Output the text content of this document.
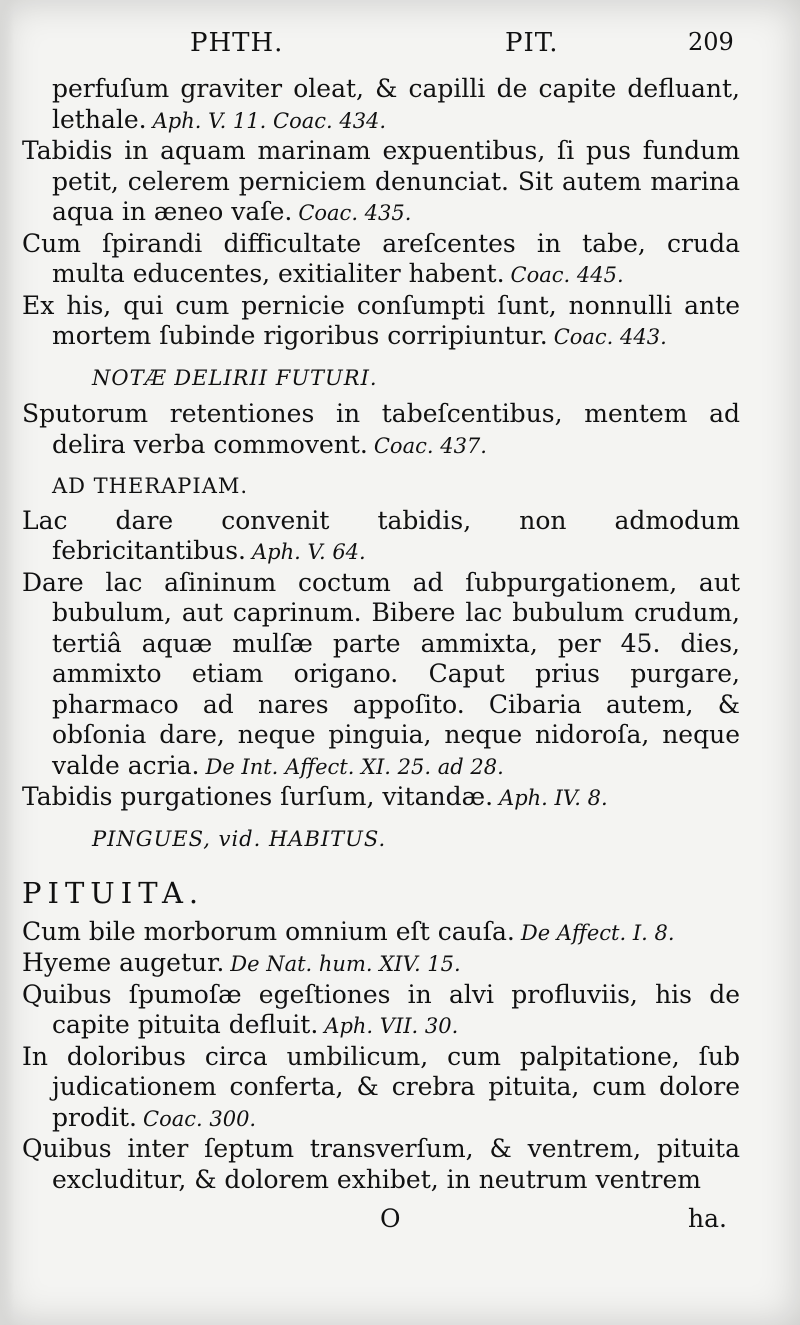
PHTH.	PIT.	209

perfuſum graviter oleat, & capilli de capite defluant, lethale. Aph. V. 11. Coac. 434.

Tabidis in aquam marinam expuentibus, ſi pus fundum petit, celerem perniciem denunciat. Sit autem marina aqua in æneo vaſe. Coac. 435.

Cum ſpirandi difficultate areſcentes in tabe, cruda multa educentes, exitialiter habent. Coac. 445.

Ex his, qui cum pernicie conſumpti ſunt, nonnulli ante mortem ſubinde rigoribus corripiuntur. Coac. 443.

NOTÆ DELIRII FUTURI.

Sputorum retentiones in tabeſcentibus, mentem ad delira verba commovent. Coac. 437.

AD THERAPIAM.

Lac dare convenit tabidis, non admodum febricitantibus. Aph. V. 64.

Dare lac aſininum coctum ad ſubpurgationem, aut bubulum, aut caprinum. Bibere lac bubulum crudum, tertiâ aquæ mulſæ parte ammixta, per 45. dies, ammixto etiam origano. Caput prius purgare, pharmaco ad nares appoſito. Cibaria autem, & obſonia dare, neque pinguia, neque nidoroſa, neque valde acria. De Int. Affect. XI. 25. ad 28.

Tabidis purgationes ſurſum, vitandæ. Aph. IV. 8.

PINGUES, vid. HABITUS.
PITUITA.

Cum bile morborum omnium eſt cauſa. De Affect. I. 8.

Hyeme augetur. De Nat. hum. XIV. 15.

Quibus ſpumoſæ egeſtiones in alvi profluviis, his de capite pituita defluit. Aph. VII. 30.

In doloribus circa umbilicum, cum palpitatione, ſub judicationem conferta, & crebra pituita, cum dolore prodit. Coac. 300.

Quibus inter ſeptum transverſum, & ventrem, pituita excluditur, & dolorem exhibet, in neutrum ventrem

O	ha.
